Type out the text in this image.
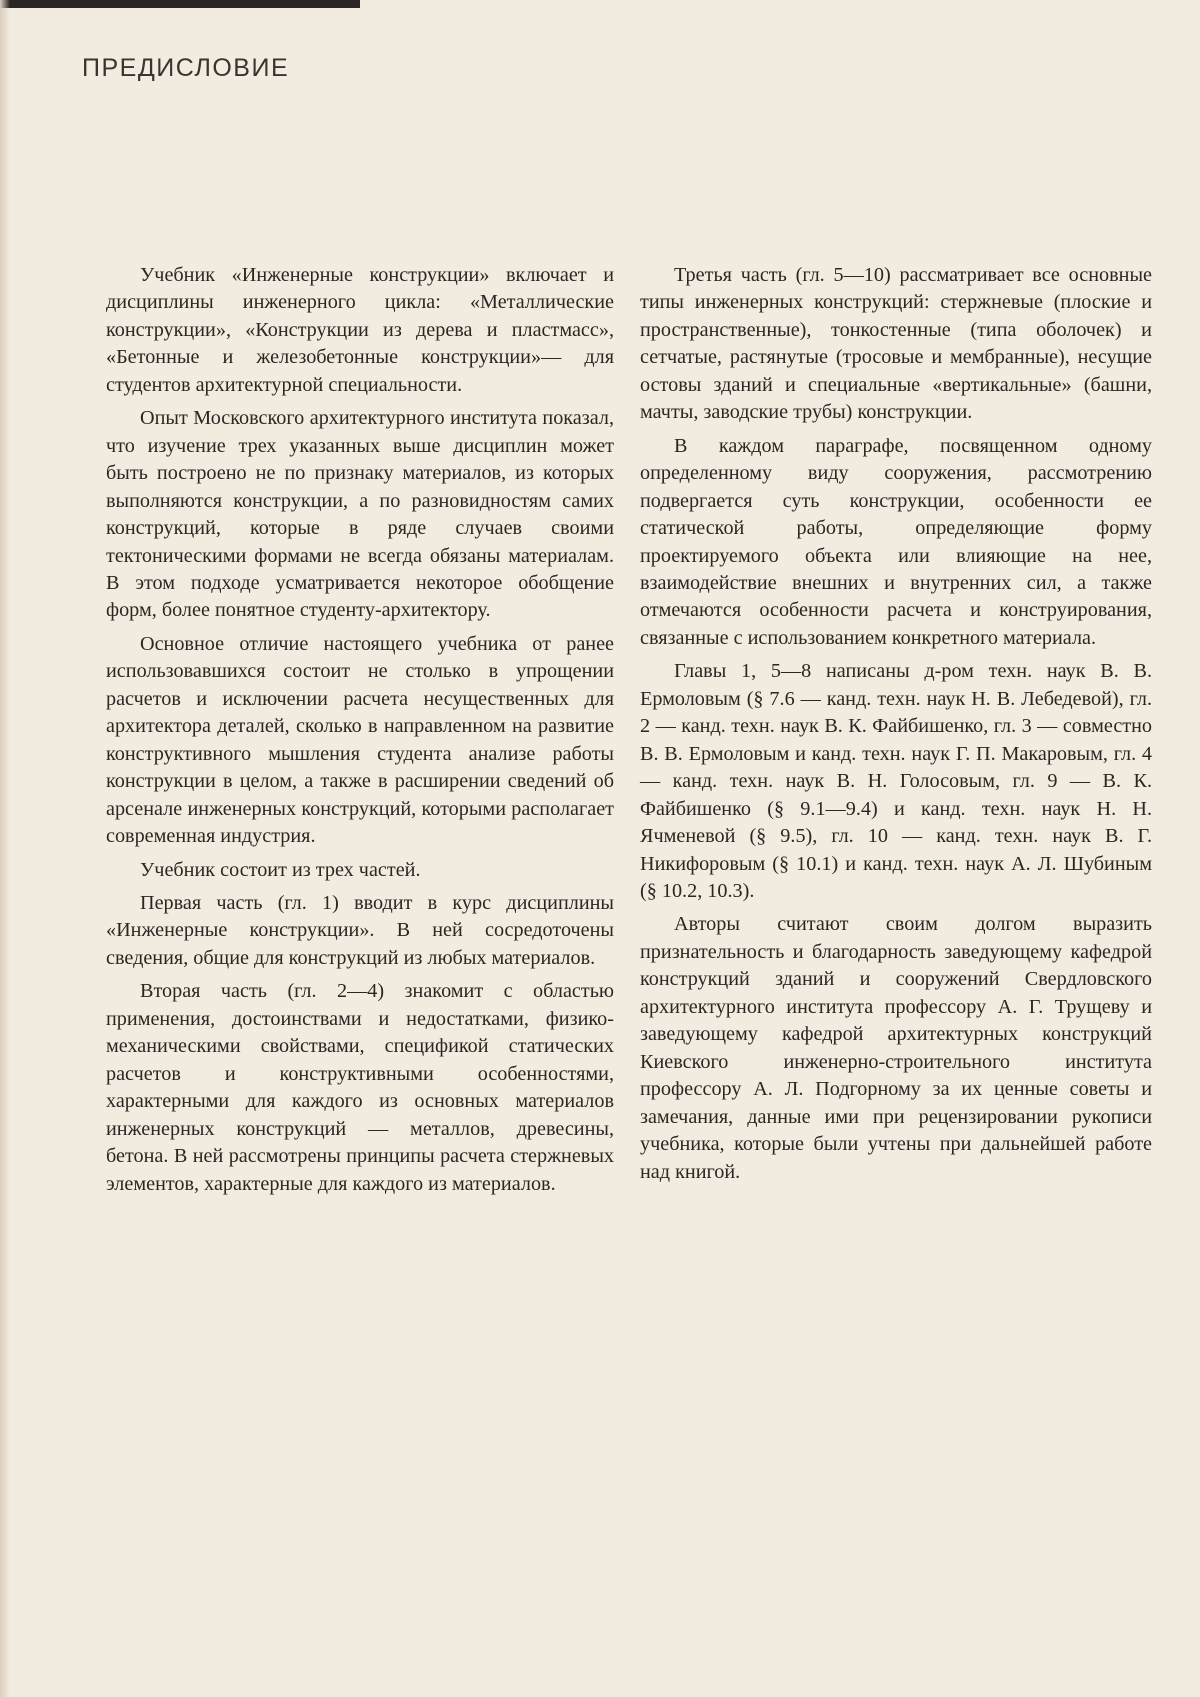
ПРЕДИСЛОВИЕ

Учебник «Инженерные конструкции» включает и дисциплины инженерного цикла: «Металлические конструкции», «Конструкции из дерева и пластмасс», «Бетонные и железобетонные конструкции»— для студентов архитектурной специальности.

Опыт Московского архитектурного института показал, что изучение трех указанных выше дисциплин может быть построено не по признаку материалов, из которых выполняются конструкции, а по разновидностям самих конструкций, которые в ряде случаев своими тектоническими формами не всегда обязаны материалам. В этом подходе усматривается некоторое обобщение форм, более понятное студенту-архитектору.

Основное отличие настоящего учебника от ранее использовавшихся состоит не столько в упрощении расчетов и исключении расчета несущественных для архитектора деталей, сколько в направленном на развитие конструктивного мышления студента анализе работы конструкции в целом, а также в расширении сведений об арсенале инженерных конструкций, которыми располагает современная индустрия.

Учебник состоит из трех частей.

Первая часть (гл. 1) вводит в курс дисциплины «Инженерные конструкции». В ней сосредоточены сведения, общие для конструкций из любых материалов.

Вторая часть (гл. 2—4) знакомит с областью применения, достоинствами и недостатками, физико-механическими свойствами, спецификой статических расчетов и конструктивными особенностями, характерными для каждого из основных материалов инженерных конструкций — металлов, древесины, бетона. В ней рассмотрены принципы расчета стержневых элементов, характерные для каждого из материалов.

Третья часть (гл. 5—10) рассматривает все основные типы инженерных конструкций: стержневые (плоские и пространственные), тонкостенные (типа оболочек) и сетчатые, растянутые (тросовые и мембранные), несущие остовы зданий и специальные «вертикальные» (башни, мачты, заводские трубы) конструкции.

В каждом параграфе, посвященном одному определенному виду сооружения, рассмотрению подвергается суть конструкции, особенности ее статической работы, определяющие форму проектируемого объекта или влияющие на нее, взаимодействие внешних и внутренних сил, а также отмечаются особенности расчета и конструирования, связанные с использованием конкретного материала.

Главы 1, 5—8 написаны д-ром техн. наук В. В. Ермоловым (§ 7.6 — канд. техн. наук Н. В. Лебедевой), гл. 2 — канд. техн. наук В. К. Файбишенко, гл. 3 — совместно В. В. Ермоловым и канд. техн. наук Г. П. Макаровым, гл. 4 — канд. техн. наук В. Н. Голосовым, гл. 9 — В. К. Файбишенко (§ 9.1—9.4) и канд. техн. наук Н. Н. Ячменевой (§ 9.5), гл. 10 — канд. техн. наук В. Г. Никифоровым (§ 10.1) и канд. техн. наук А. Л. Шубиным (§ 10.2, 10.3).

Авторы считают своим долгом выразить признательность и благодарность заведующему кафедрой конструкций зданий и сооружений Свердловского архитектурного института профессору А. Г. Трущеву и заведующему кафедрой архитектурных конструкций Киевского инженерно-строительного института профессору А. Л. Подгорному за их ценные советы и замечания, данные ими при рецензировании рукописи учебника, которые были учтены при дальнейшей работе над книгой.
